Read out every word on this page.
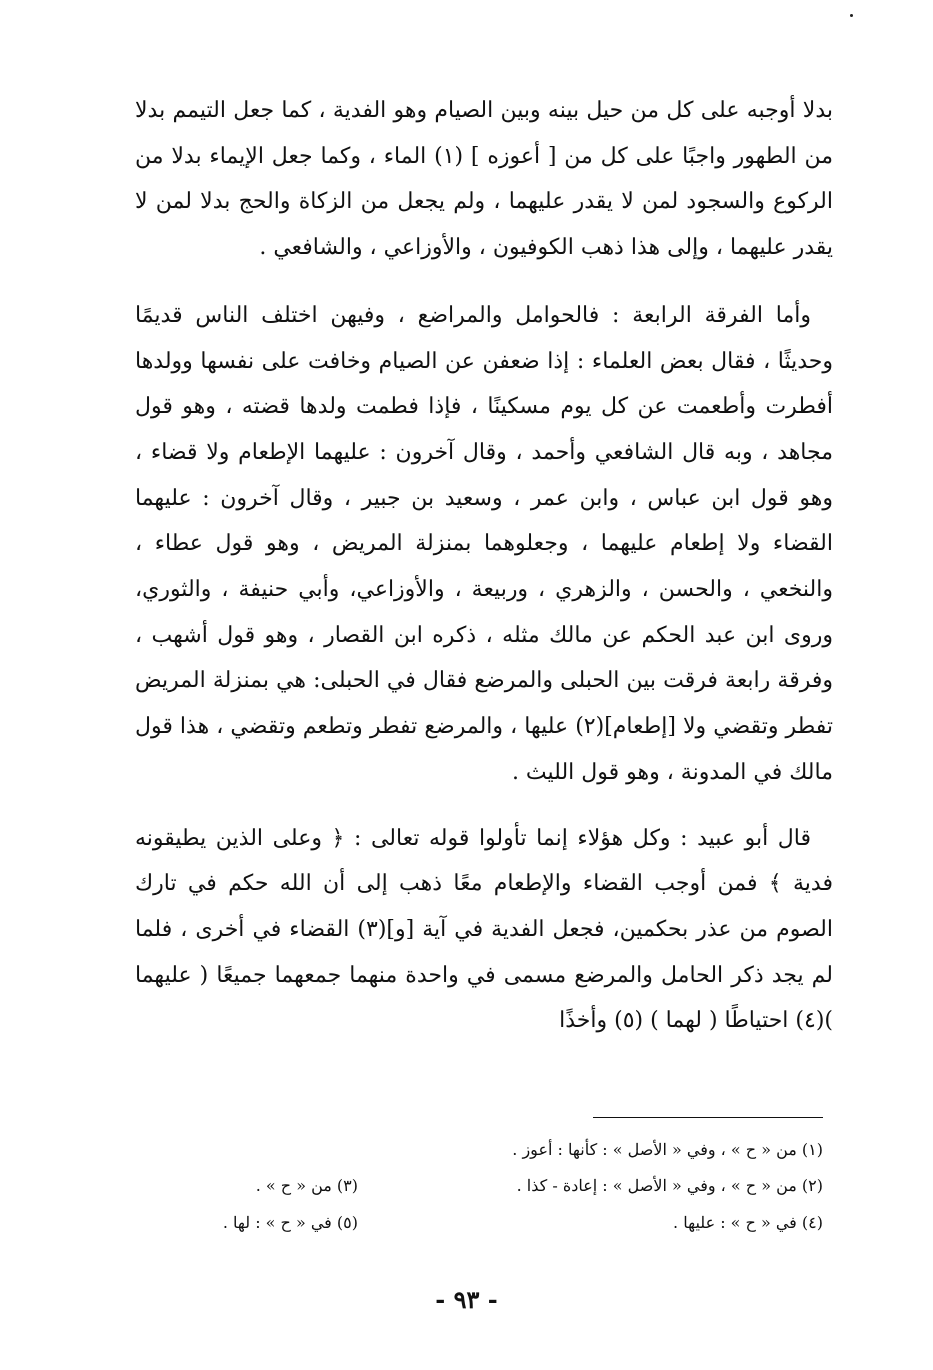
بدلا أوجبه على كل من حيل بينه وبين الصيام وهو الفدية ، كما جعل التيمم بدلا من الطهور واجبًا على كل من [ أعوزه ] (١) الماء ، وكما جعل الإيماء بدلا من الركوع والسجود لمن لا يقدر عليهما ، ولم يجعل من الزكاة والحج بدلا لمن لا يقدر عليهما ، وإلى هذا ذهب الكوفيون ، والأوزاعي ، والشافعي .

وأما الفرقة الرابعة : فالحوامل والمراضع ، وفيهن اختلف الناس قديمًا وحديثًا ، فقال بعض العلماء : إذا ضعفن عن الصيام وخافت على نفسها وولدها أفطرت وأطعمت عن كل يوم مسكينًا ، فإذا فطمت ولدها قضته ، وهو قول مجاهد ، وبه قال الشافعي وأحمد ، وقال آخرون : عليهما الإطعام ولا قضاء ، وهو قول ابن عباس ، وابن عمر ، وسعيد بن جبير ، وقال آخرون : عليهما القضاء ولا إطعام عليهما ، وجعلوهما بمنزلة المريض ، وهو قول عطاء ، والنخعي ، والحسن ، والزهري ، وربيعة ، والأوزاعي، وأبي حنيفة ، والثوري، وروى ابن عبد الحكم عن مالك مثله ، ذكره ابن القصار ، وهو قول أشهب ، وفرقة رابعة فرقت بين الحبلى والمرضع فقال في الحبلى: هي بمنزلة المريض تفطر وتقضي ولا [إطعام](٢) عليها ، والمرضع تفطر وتطعم وتقضي ، هذا قول مالك في المدونة ، وهو قول الليث .

قال أبو عبيد : وكل هؤلاء إنما تأولوا قوله تعالى : ﴿ وعلى الذين يطيقونه فدية ﴾ فمن أوجب القضاء والإطعام معًا ذهب إلى أن الله حكم في تارك الصوم من عذر بحكمين، فجعل الفدية في آية [و](٣) القضاء في أخرى ، فلما لم يجد ذكر الحامل والمرضع مسمى في واحدة منهما جمعهما جميعًا ( عليهما )(٤) احتياطًا ( لهما ) (٥) وأخذًا

(١) من « ح » ، وفي « الأصل » : كأنها : أعوز .
(٢) من « ح » ، وفي « الأصل » : إعادة - كذا .
(٣) من « ح » .
(٤) في « ح » : عليها .
(٥) في « ح » : لها .
- ٩٣ -
